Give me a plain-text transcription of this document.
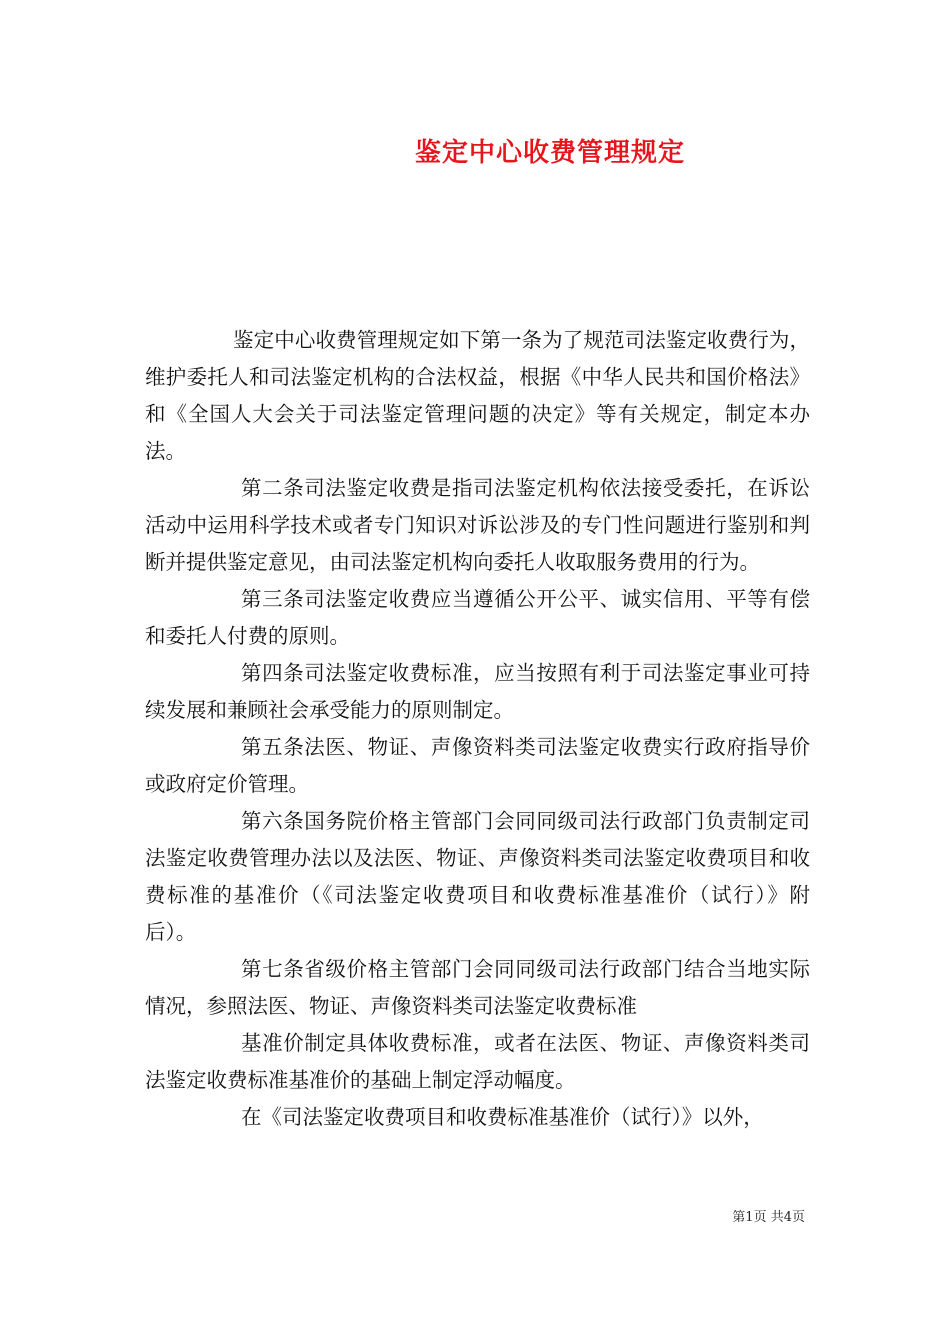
鉴定中心收费管理规定

鉴定中心收费管理规定如下第一条为了规范司法鉴定收费行为，维护委托人和司法鉴定机构的合法权益，根据《中华人民共和国价格法》和《全国人大会关于司法鉴定管理问题的决定》等有关规定，制定本办法。

第二条司法鉴定收费是指司法鉴定机构依法接受委托，在诉讼活动中运用科学技术或者专门知识对诉讼涉及的专门性问题进行鉴别和判断并提供鉴定意见，由司法鉴定机构向委托人收取服务费用的行为。

第三条司法鉴定收费应当遵循公开公平、诚实信用、平等有偿和委托人付费的原则。

第四条司法鉴定收费标准，应当按照有利于司法鉴定事业可持续发展和兼顾社会承受能力的原则制定。

第五条法医、物证、声像资料类司法鉴定收费实行政府指导价或政府定价管理。

第六条国务院价格主管部门会同同级司法行政部门负责制定司法鉴定收费管理办法以及法医、物证、声像资料类司法鉴定收费项目和收费标准的基准价（《司法鉴定收费项目和收费标准基准价（试行）》附后）。

第七条省级价格主管部门会同同级司法行政部门结合当地实际情况，参照法医、物证、声像资料类司法鉴定收费标准

基准价制定具体收费标准，或者在法医、物证、声像资料类司法鉴定收费标准基准价的基础上制定浮动幅度。

在《司法鉴定收费项目和收费标准基准价（试行）》以外，

第1页 共4页
